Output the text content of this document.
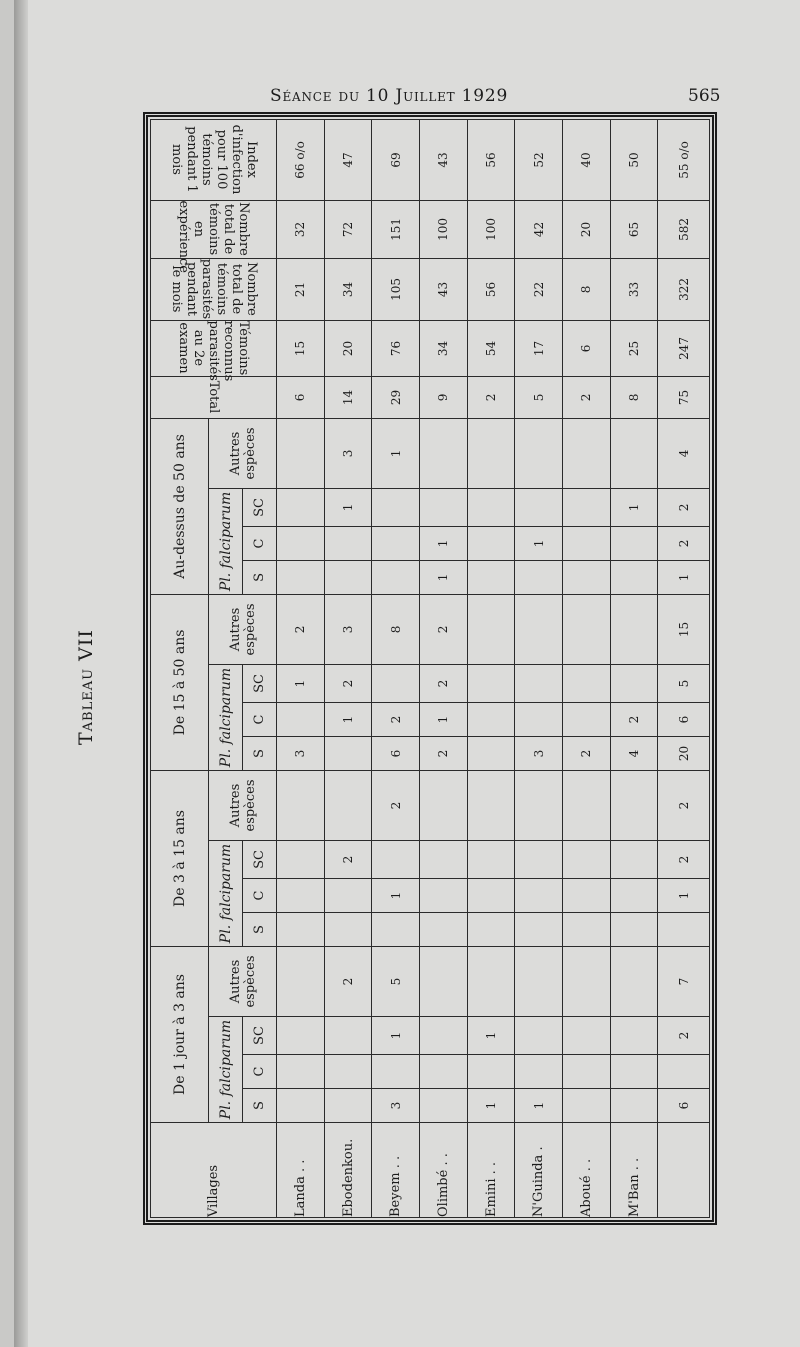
Séance du 10 Juillet 1929	565
Tableau VII
Villages	De 1 jour à 3 ans				De 3 à 15 ans				De 15 à 50 ans				Au-dessus de 50 ans				Total	Témoins reconnus parasités au 2e examen	Nombre total de témoins parasités pendant le mois	Nombre total de témoins en expérience	Index d'infection pour 100 témoins pendant 1 mois
	Pl. falciparum			Autres espèces	Pl. falciparum			Autres espèces	Pl. falciparum			Autres espèces	Pl. falciparum			Autres espèces					
	S	C	SC		S	C	SC		S	C	SC		S	C	SC						
Landa . .									3		1	2					6	15	21	32	66 o/o
Ebodenkou.				2			2			1	2	3			1	3	14	20	34	72	47
Beyem . .	3		1	5		1		2	6	2		8				1	29	76	105	151	69
Olimbé . .									2	1	2	2	1	1			9	34	43	100	43
Emini . .	1		1														2	54	56	100	56
N'Guinda .	1								3					1			5	17	22	42	52
Aboué . .									2								2	6	8	20	40
M'Ban . .									4	2					1		8	25	33	65	50
	6		2	7		1	2	2	20	6	5	15	1	2	2	4	75	247	322	582	55 o/o
